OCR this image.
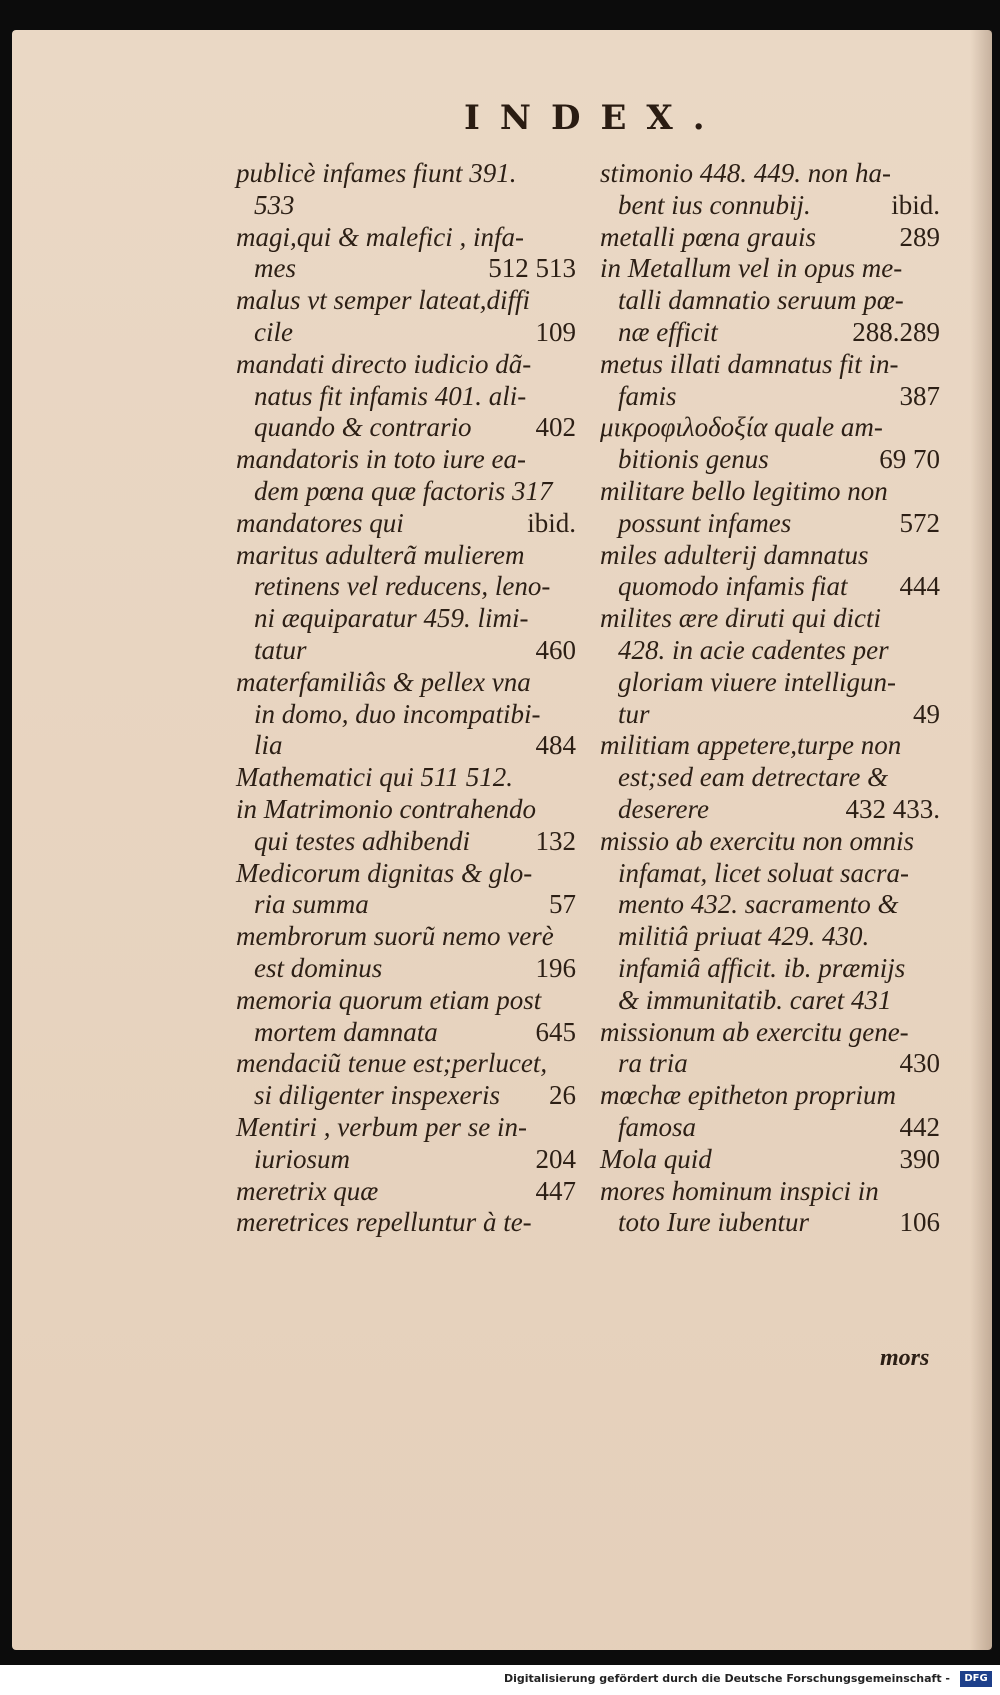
INDEX.
publicè infames fiunt 391.
533
magi,qui & malefici , infa-
mes	512 513
malus vt semper lateat,diffi
cile	109
mandati directo iudicio dã-
natus fit infamis 401. ali-
quando & contrario 402
mandatoris in toto iure ea-
dem pœna quæ factoris 317
mandatores qui	ibid.
maritus adulterã mulierem
retinens vel reducens, leno-
ni æquiparatur 459. limi-
tatur	460
materfamiliâs & pellex vna
in domo, duo incompatibi-
lia	484
Mathematici qui 511 512.
in Matrimonio contrahendo
qui testes adhibendi 132
Medicorum dignitas & glo-
ria summa	57
membrorum suorũ nemo verè
est dominus	196
memoria quorum etiam post
mortem damnata	645
mendaciũ tenue est;perlucet,
si diligenter inspexeris 26
Mentiri , verbum per se in-
iuriosum	204
meretrix quæ	447
meretrices repelluntur à te-
stimonio 448. 449. non ha-
bent ius connubij.	ibid.
metalli pœna grauis	289
in Metallum vel in opus me-
talli damnatio seruum pœ-
næ efficit	288.289
metus illati damnatus fit in-
famis	387
μικροφιλοδοξία quale am-
bitionis genus	69 70
militare bello legitimo non
possunt infames	572
miles adulterij damnatus
quomodo infamis fiat 444
milites ære diruti qui dicti
428. in acie cadentes per
gloriam viuere intelligun-
tur	49
militiam appetere,turpe non
est;sed eam detrectare &
deserere	432 433.
missio ab exercitu non omnis
infamat, licet soluat sacra-
mento 432. sacramento &
militiâ priuat 429. 430.
infamiâ afficit. ib. præmijs
& immunitatib. caret 431
missionum ab exercitu gene-
ra tria	430
mœchæ epitheton proprium
famosa	442
Mola quid	390
mores hominum inspici in
toto Iure iubentur	106
mors
Digitalisierung gefördert durch die Deutsche Forschungsgemeinschaft -	DFG
